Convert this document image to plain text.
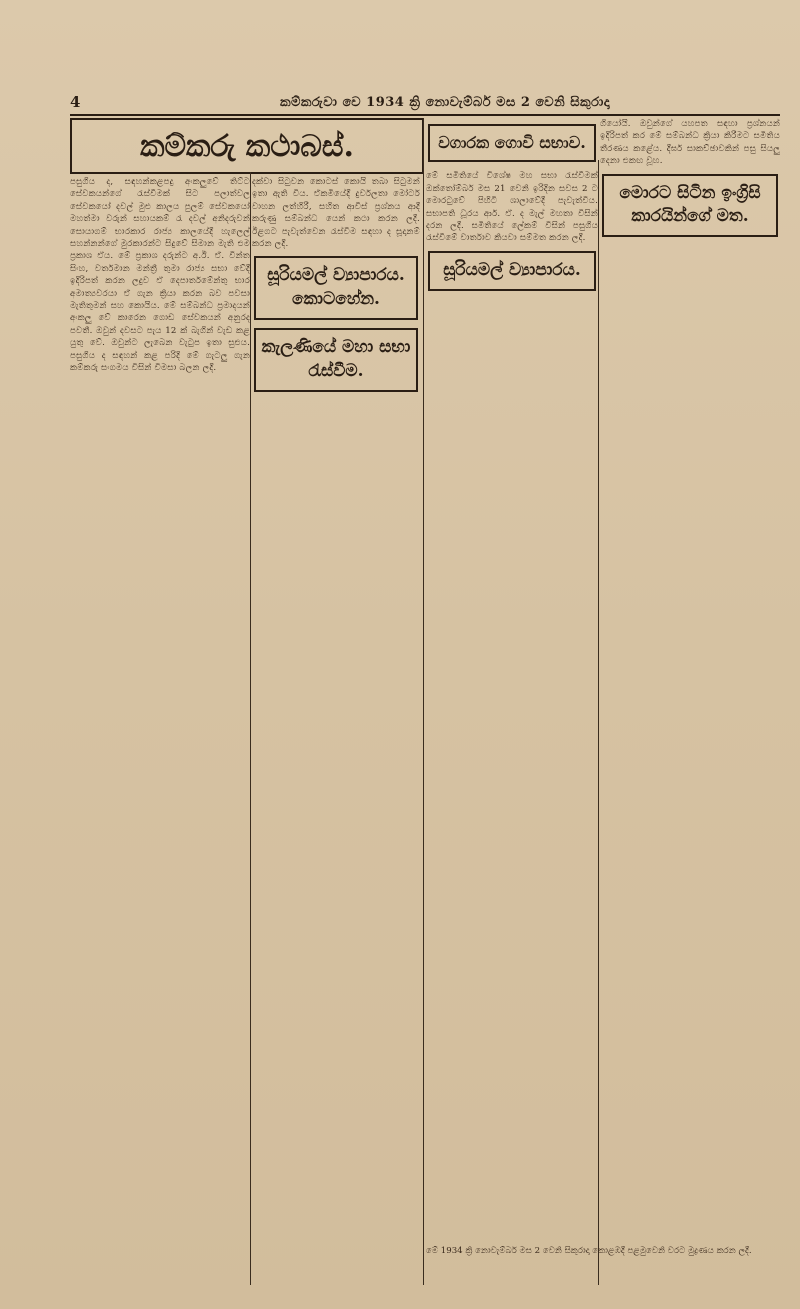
4	කම්කරුවා වෙ 1934 ක්‍රි නොවැම්බර් මස 2 වෙනි සිකුරාදා
කම්කරු කථාබස්.
පසුගිය ද, සඳහන්කළපදු අංකලුවේ තිට්ට සේවකයන්ගේ රැස්වීමක් සිට පලාත්වල සේවකයෝ දවල් මුළු කාලය පුලම් සේවකයෝ මහත්මා වරුන් සහායකම් රැ දවල් අනිදරුවන් සොයාගම් භාරකාර රාජ්‍ය කාලයේදී හැලෙල් සහන්නන්ගේ මුරකාරන්ට සිදුවේ සිමාන මැති එම ප්‍රකාශ ඒය. මේ ප්‍රකාශ දරුන්ට අ.ඊ. ඒ. වින්ත සිංහ, වර්තමාන මන්ත්‍රී තුමා රාජ්‍ය සභා වේදී ඉදිරිපත් කරන ලදුව ඒ දෙපාර්තමේන්තු භාර අමාත්‍යවරයා ඒ ගැන ක්‍රියා කරන බව පවසා මැතිතුමන් සහ කොයිය. මේ සම්බන්ධ ප්‍රමාදයන් අංකලු වේ කාරෙන ගොඩ සේවකයන් අනුරද පවතී. ඔවුන් දවසට පැය 12 ක් බැගින් වැඩ කළ යුතු වේ. ඔවුන්ට ලැබෙන වැටුප ඉතා සුළුය. පසුගිය ද සඳහන් කළ පරිදි මේ ගැටලු ගැන කම්කරු සංගමය විසින් විමසා බලන ලදී.
දක්වා සිටුවන කොටස් කොයි තබා සිටුමන් ඉතා ඇති විය. ඒකමියේදී දුර්වලතා මෝටර් වාහන ලත්හිරී, සහිත ආවීස් ප්‍රශ්නය ආදී කරුණු සම්බන්ධ යෙන් කථා කරන ලදී. ඊළගට පැවැත්වෙන රැස්වීම සඳහා ද සූදානම් කරන ලදී.
සූරියමල් ව්‍යාපාරය. කොටහේන.
කැලණියේ මහා සභා රැස්වීම.
වගාරක ගොවි සභාව.
මේ සමිතියේ විශේෂ මහ සභා රැස්වීමක් ඔක්තෝම්බර් මස 21 වෙනි ඉරිදින සවස 2 ට මොරටුවේ පිහිටි ශාලාවේදී පැවැත්විය. සභාපති ධූරය ආර්. ඒ. ද මැල් මහතා විසින් දරන ලදී. සමිතියේ ලේකම් විසින් පසුගිය රැස්වීමේ වාර්තාව කියවා සම්මත කරන ලදී.
සූරියමල් ව්‍යාපාරය.
ගියෝයි. ඔවුන්ගේ යහපත සඳහා ප්‍රශ්නයන් ඉදිරිපත් කර මේ සම්බන්ධ ක්‍රියා කිරීමට සමිතිය තීරණය කළේය. දීර්ඝ සාකච්ඡාවකින් පසු සියලු දෙනා එකඟ වූහ.
මොරට සිටින ඉංග්‍රිසි කාරයින්ගේ මත.
මේ 1934 ක්‍රි නොවැම්බර් මස 2 වෙනි සිකුරාදා කොළඹදී පළමුවෙනි වරට මුද්‍රණය කරන ලදී.
